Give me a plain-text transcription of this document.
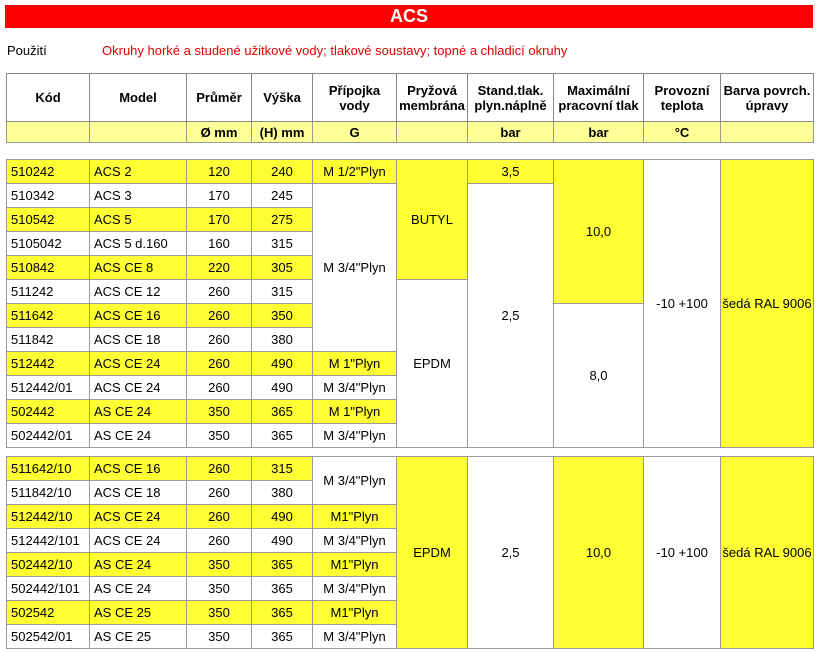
ACS
Použití	Okruhy horké a studené užitkové vody; tlakové soustavy; topné a chladicí okruhy
Kód	Model	Průměr	Výška	Přípojka vody	Pryžová membrána	Stand.tlak. plyn.náplně	Maximální pracovní tlak	Provozní teplota	Barva povrch. úpravy
		Ø mm	(H) mm	G		bar	bar	°C	
510242	ACS 2	120	240	M 1/2"Plyn	BUTYL	3,5	10,0	-10 +100	šedá RAL 9006
510342	ACS 3	170	245	M 3/4"Plyn		2,5			
510542	ACS 5	170	275						
5105042	ACS 5 d.160	160	315						
510842	ACS CE 8	220	305						
511242	ACS CE 12	260	315		EPDM				
511642	ACS CE 16	260	350				8,0		
511842	ACS CE 18	260	380						
512442	ACS CE 24	260	490	M 1"Plyn					
512442/01	ACS CE 24	260	490	M 3/4"Plyn					
502442	AS CE 24	350	365	M 1"Plyn					
502442/01	AS CE 24	350	365	M 3/4"Plyn					
511642/10	ACS CE 16	260	315	M 3/4"Plyn	EPDM	2,5	10,0	-10 +100	šedá RAL 9006
511842/10	ACS CE 18	260	380						
512442/10	ACS CE 24	260	490	M1"Plyn					
512442/101	ACS CE 24	260	490	M 3/4"Plyn					
502442/10	AS CE 24	350	365	M1"Plyn					
502442/101	AS CE 24	350	365	M 3/4"Plyn					
502542	AS CE 25	350	365	M1"Plyn					
502542/01	AS CE 25	350	365	M 3/4"Plyn					
